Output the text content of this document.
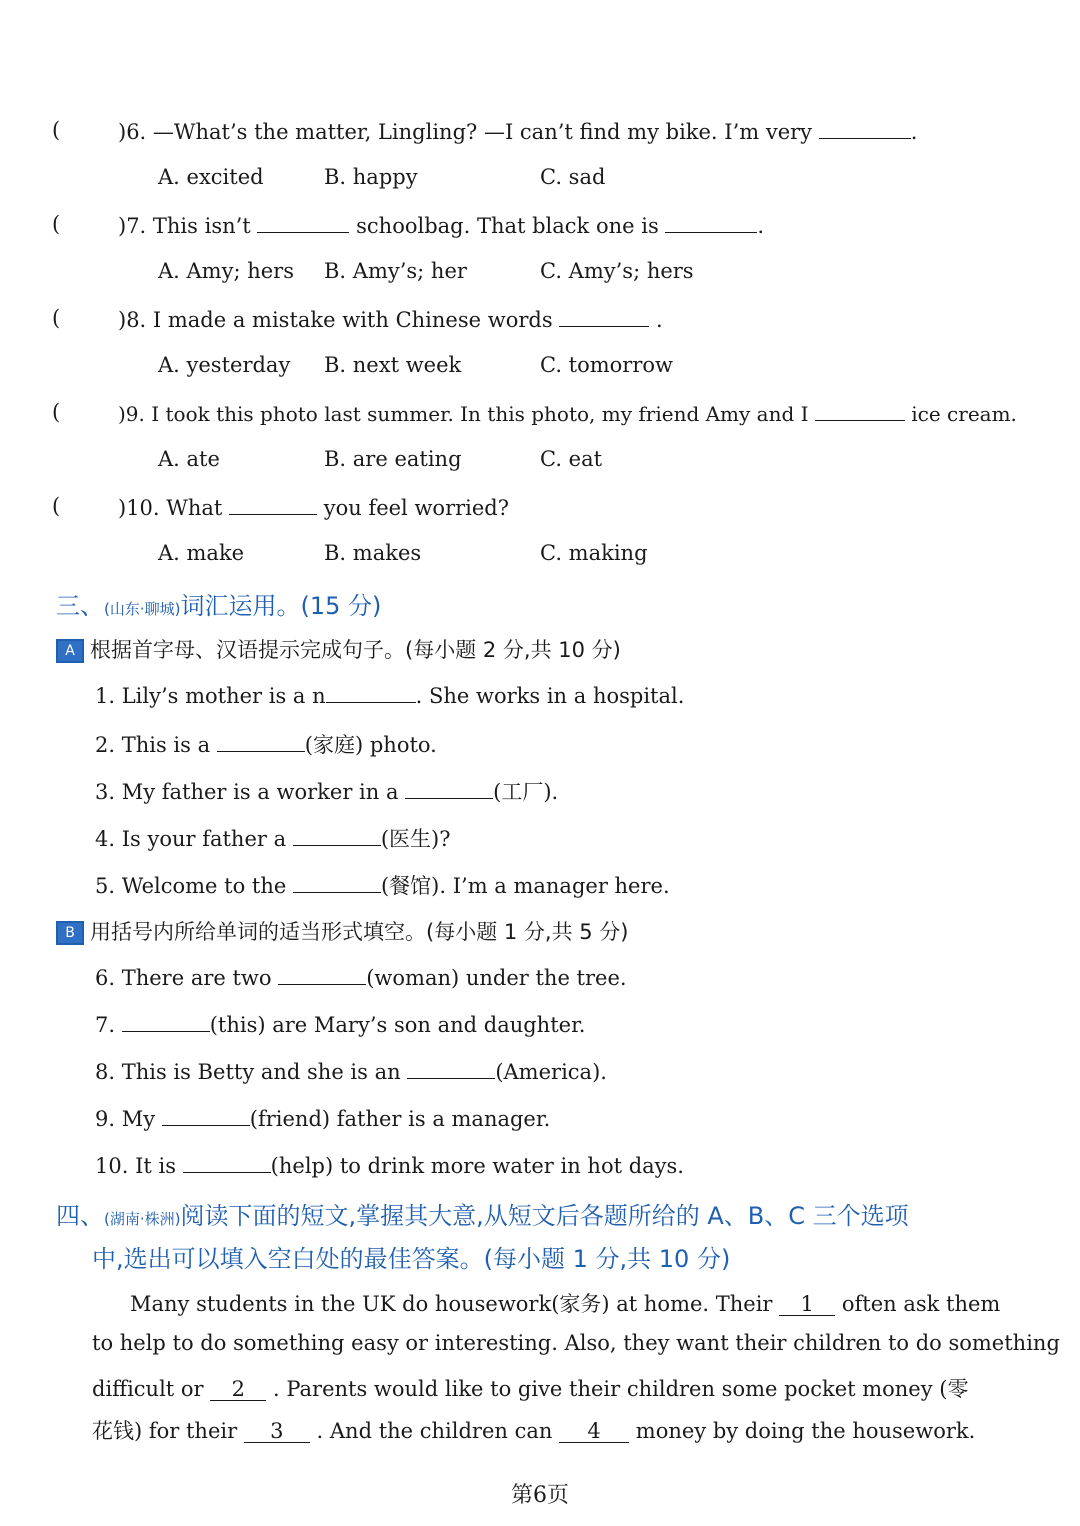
(	)6. —What’s the matter, Lingling? —I can’t find my bike. I’m very	.
A. excited	B. happy	C. sad
(	)7. This isn’t	schoolbag. That black one is	.
A. Amy; hers B. Amy’s; her	C. Amy’s; hers
(	)8. I made a mistake with Chinese words	.
A. yesterday B. next week	C. tomorrow
(	)9. I took this photo last summer. In this photo, my friend Amy and I	ice cream.
A. ate	B. are eating	C. eat
(	)10. What	you feel worried?
A. make	B. makes	C. making
三、(山东·聊城)词汇运用。(15 分)
A 根据首字母、汉语提示完成句子。(每小题 2 分,共 10 分)
1. Lily’s mother is a n	. She works in a hospital.
2. This is a	(家庭) photo.
3. My father is a worker in a	(工厂).
4. Is your father a	(医生)?
5. Welcome to the	(餐馆). I’m a manager here.
B 用括号内所给单词的适当形式填空。(每小题 1 分,共 5 分)
6. There are two	(woman) under the tree.
7.	(this) are Mary’s son and daughter.
8. This is Betty and she is an	(America).
9. My	(friend) father is a manager.
10. It is	(help) to drink more water in hot days.
四、(湖南·株洲)阅读下面的短文,掌握其大意,从短文后各题所给的 A、B、C 三个选项
中,选出可以填入空白处的最佳答案。(每小题 1 分,共 10 分)
Many students in the UK do housework(家务) at home. Their 1 often ask them
to help to do something easy or interesting. Also, they want their children to do something
difficult or 2 . Parents would like to give their children some pocket money (零
花钱) for their 3 . And the children can 4 money by doing the housework.
第6页
